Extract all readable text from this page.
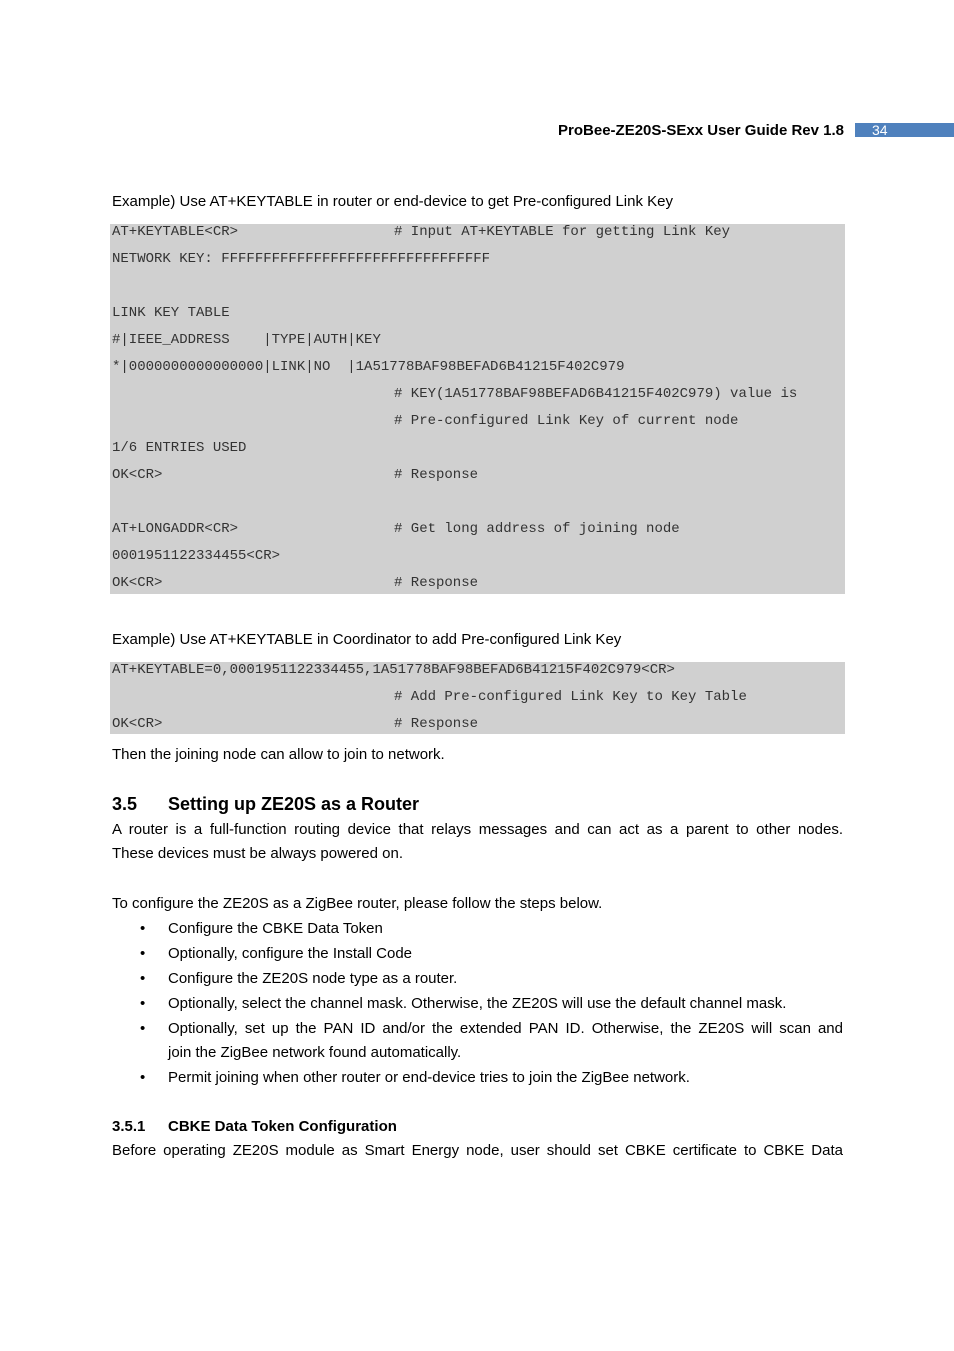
ProBee-ZE20S-SExx User Guide Rev 1.8	34
Example) Use AT+KEYTABLE in router or end-device to get Pre-configured Link Key
AT+KEYTABLE<CR>	# Input AT+KEYTABLE for getting Link Key
NETWORK KEY: FFFFFFFFFFFFFFFFFFFFFFFFFFFFFFFF
LINK KEY TABLE
#|IEEE_ADDRESS    |TYPE|AUTH|KEY
*|0000000000000000|LINK|NO  |1A51778BAF98BEFAD6B41215F402C979
# KEY(1A51778BAF98BEFAD6B41215F402C979) value is
# Pre-configured Link Key of current node
1/6 ENTRIES USED
OK<CR>	# Response
AT+LONGADDR<CR>	# Get long address of joining node
0001951122334455<CR>
OK<CR>	# Response
Example) Use AT+KEYTABLE in Coordinator to add Pre-configured Link Key
AT+KEYTABLE=0,0001951122334455,1A51778BAF98BEFAD6B41215F402C979<CR>
# Add Pre-configured Link Key to Key Table
OK<CR>	# Response
Then the joining node can allow to join to network.
3.5 Setting up ZE20S as a Router
A router is a full-function routing device that relays messages and can act as a parent to other nodes.
These devices must be always powered on.
To configure the ZE20S as a ZigBee router, please follow the steps below.
• Configure the CBKE Data Token
• Optionally, configure the Install Code
• Configure the ZE20S node type as a router.
• Optionally, select the channel mask. Otherwise, the ZE20S will use the default channel mask.
• Optionally, set up the PAN ID and/or the extended PAN ID. Otherwise, the ZE20S will scan and
join the ZigBee network found automatically.
• Permit joining when other router or end-device tries to join the ZigBee network.
3.5.1 CBKE Data Token Configuration
Before operating ZE20S module as Smart Energy node, user should set CBKE certificate to CBKE Data
